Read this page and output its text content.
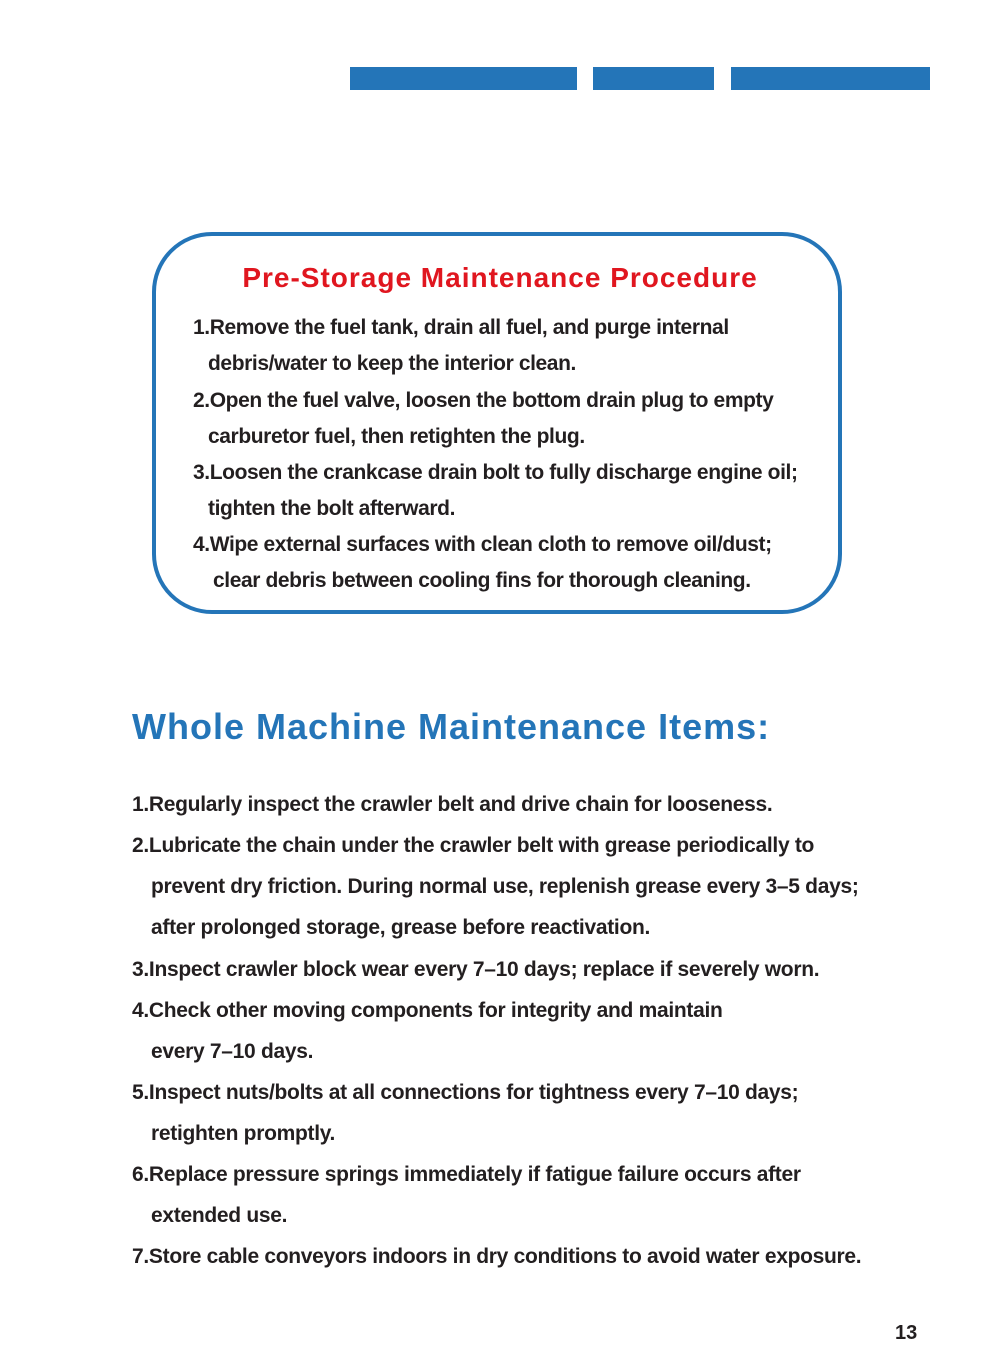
Pre-Storage Maintenance Procedure
1.Remove the fuel tank, drain all fuel, and purge internal
debris/water to keep the interior clean.
2.Open the fuel valve, loosen the bottom drain plug to empty
carburetor fuel, then retighten the plug.
3.Loosen the crankcase drain bolt to fully discharge engine oil;
tighten the bolt afterward.
4.Wipe external surfaces with clean cloth to remove oil/dust;
clear debris between cooling fins for thorough cleaning.
Whole Machine Maintenance Items:
1.Regularly inspect the crawler belt and drive chain for looseness.
2.Lubricate the chain under the crawler belt with grease periodically to
prevent dry friction. During normal use, replenish grease every 3–5 days;
after prolonged storage, grease before reactivation.
3.Inspect crawler block wear every 7–10 days; replace if severely worn.
4.Check other moving components for integrity and maintain
every 7–10 days.
5.Inspect nuts/bolts at all connections for tightness every 7–10 days;
retighten promptly.
6.Replace pressure springs immediately if fatigue failure occurs after
extended use.
7.Store cable conveyors indoors in dry conditions to avoid water exposure.
13
